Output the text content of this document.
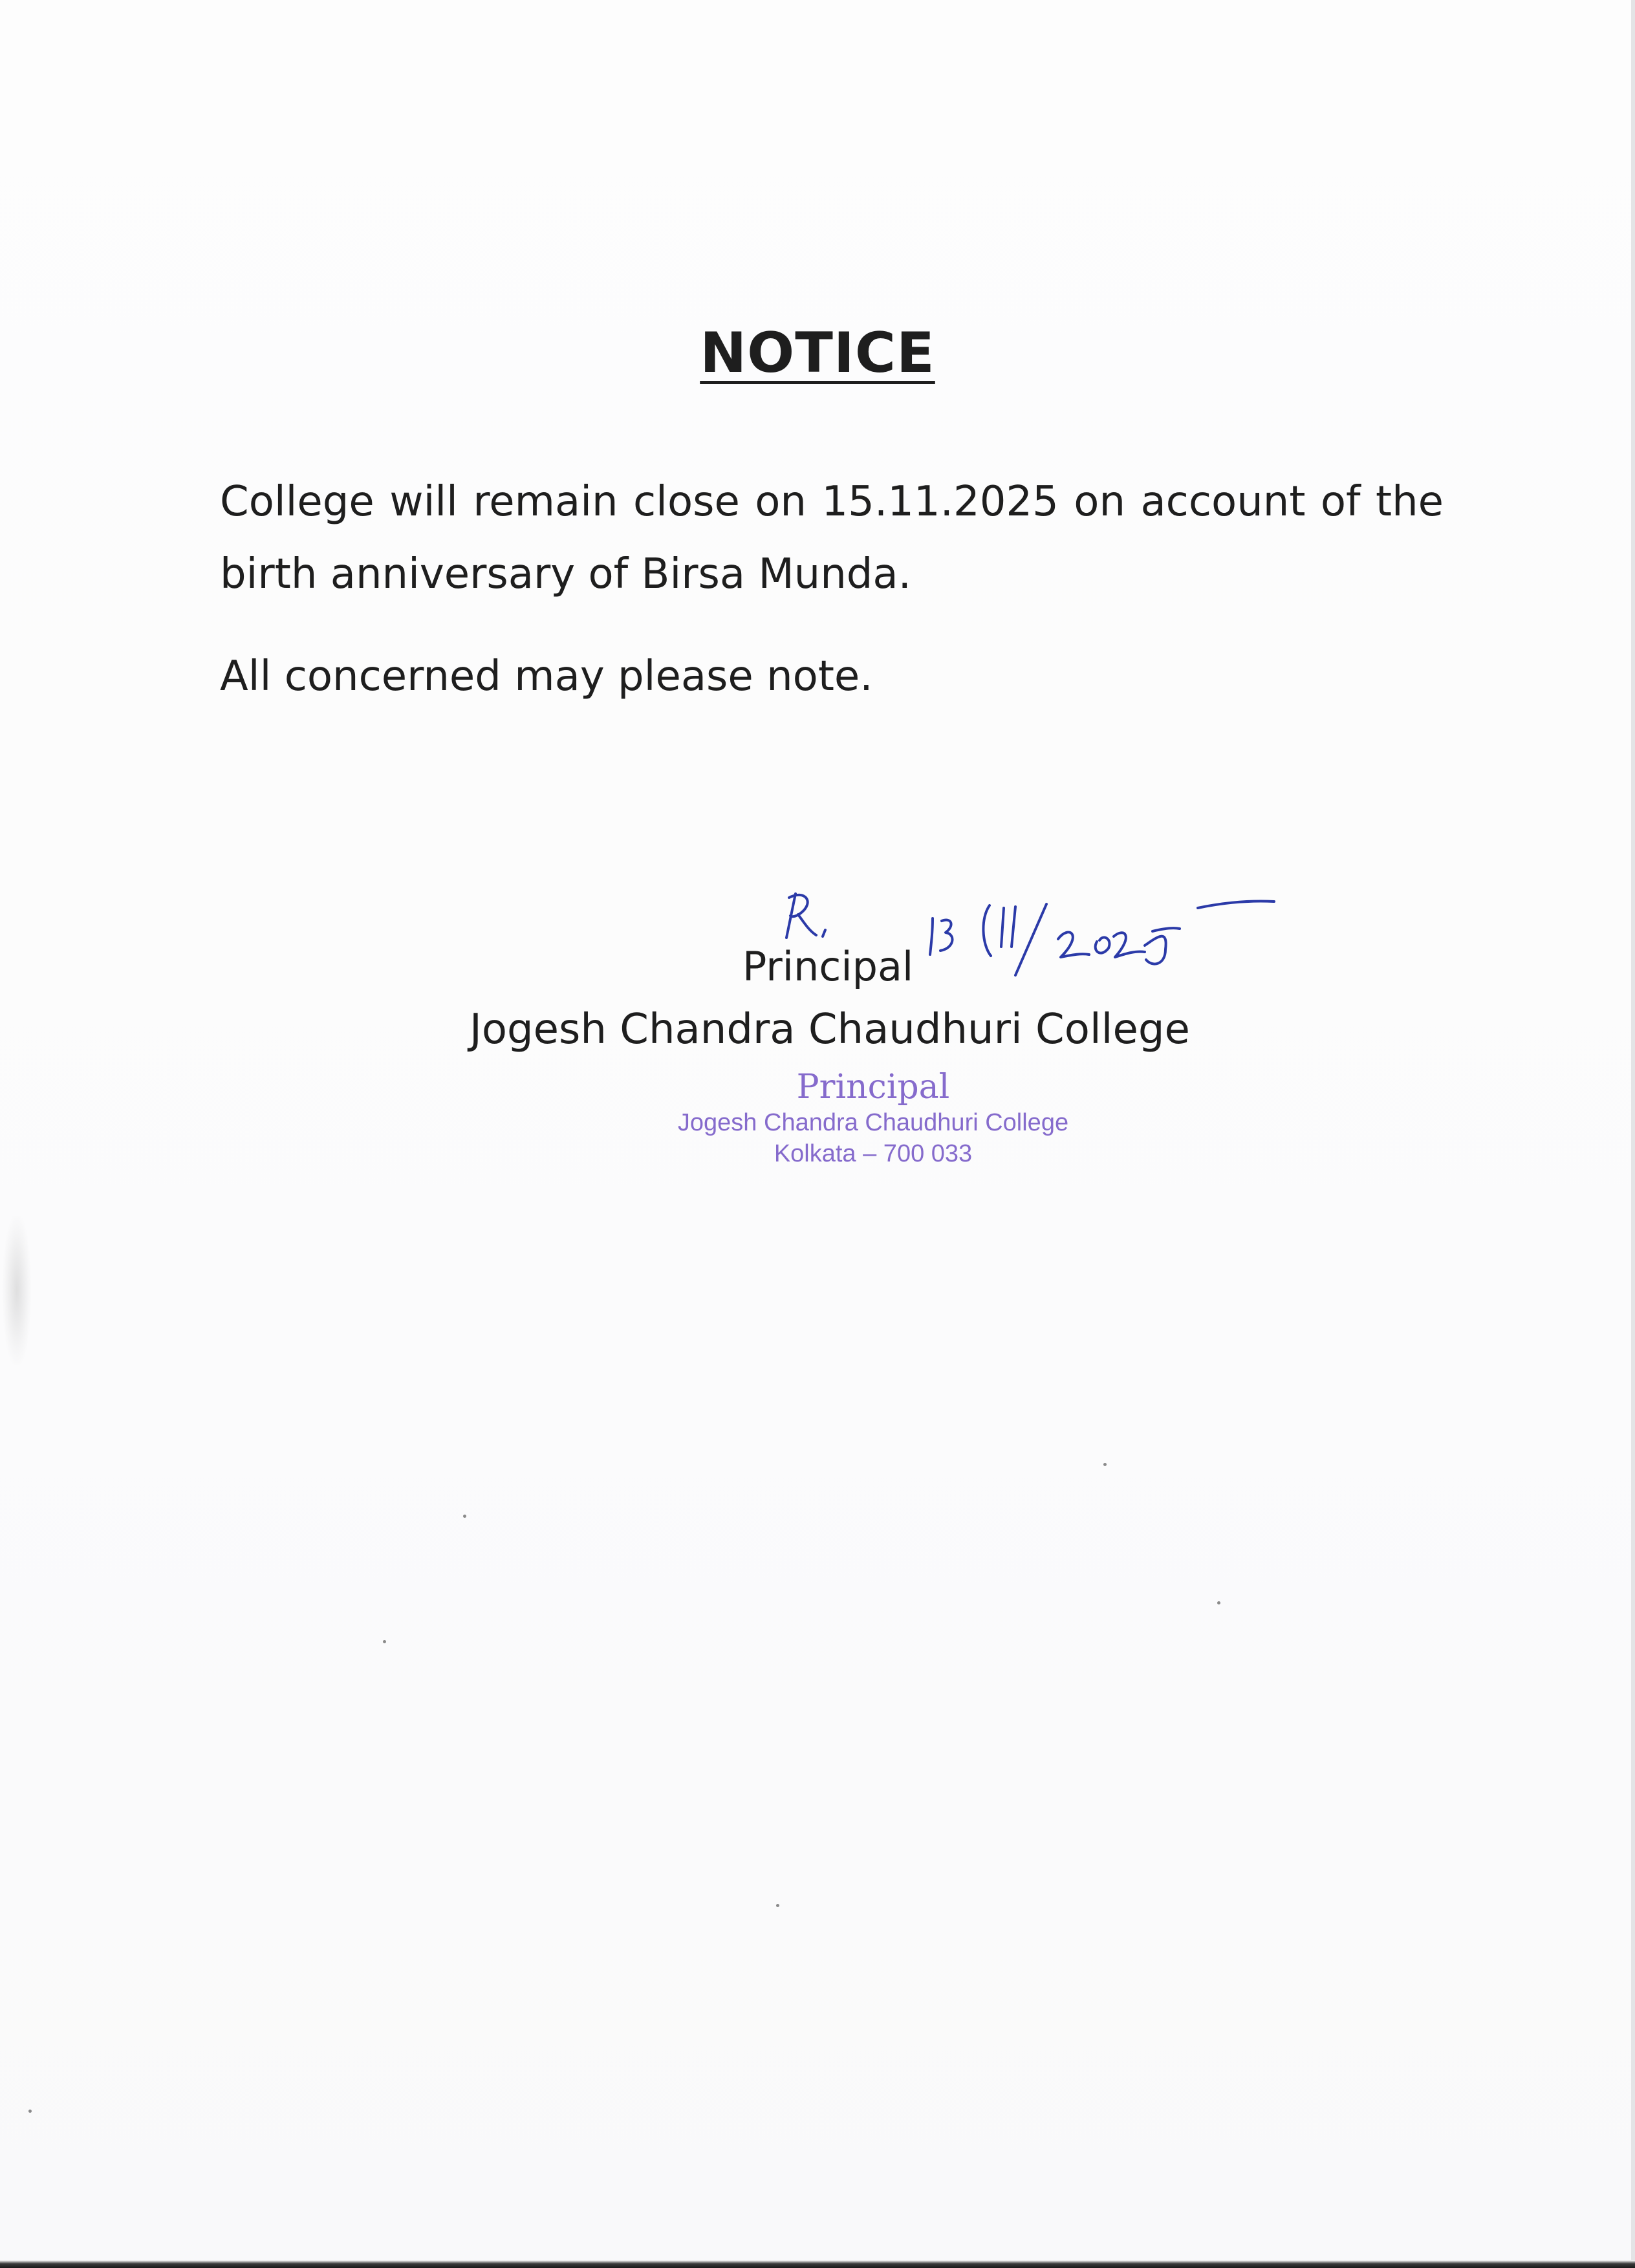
NOTICE

College will remain close on 15.11.2025 on account of the birth anniversary of Birsa Munda.

All concerned may please note.

Principal

Jogesh Chandra Chaudhuri College

Principal
Jogesh Chandra Chaudhuri College
Kolkata – 700 033
